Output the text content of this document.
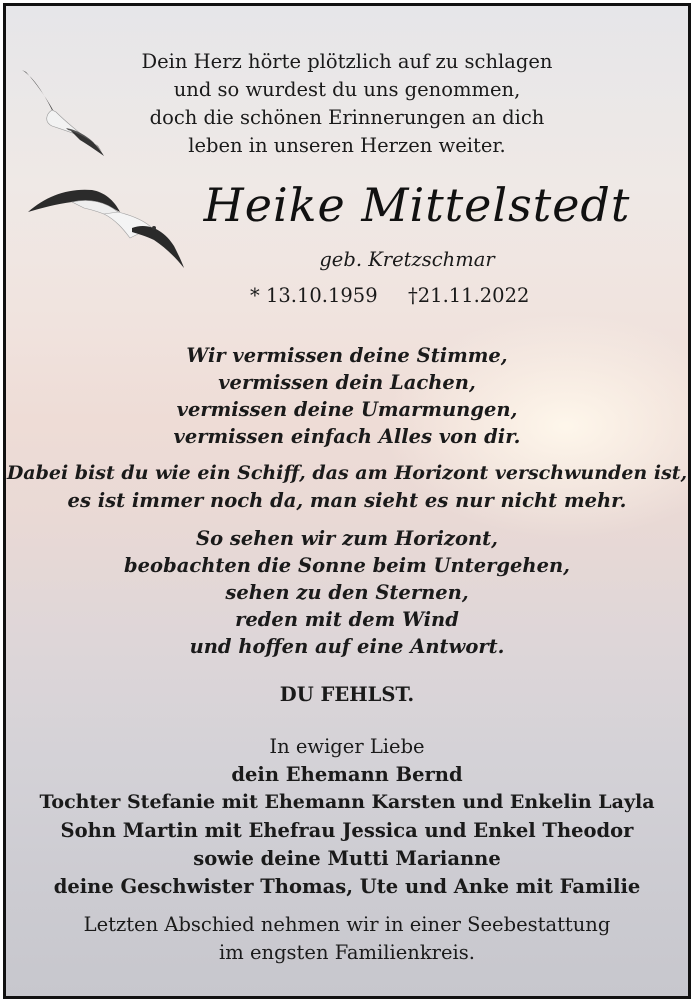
Dein Herz hörte plötzlich auf zu schlagen
und so wurdest du uns genommen,
doch die schönen Erinnerungen an dich
leben in unseren Herzen weiter.
Heike Mittelstedt
geb. Kretzschmar
* 13.10.1959 †21.11.2022
Wir vermissen deine Stimme,
vermissen dein Lachen,
vermissen deine Umarmungen,
vermissen einfach Alles von dir.
Dabei bist du wie ein Schiff, das am Horizont verschwunden ist,
es ist immer noch da, man sieht es nur nicht mehr.
So sehen wir zum Horizont,
beobachten die Sonne beim Untergehen,
sehen zu den Sternen,
reden mit dem Wind
und hoffen auf eine Antwort.
DU FEHLST.
In ewiger Liebe
dein Ehemann Bernd
Tochter Stefanie mit Ehemann Karsten und Enkelin Layla
Sohn Martin mit Ehefrau Jessica und Enkel Theodor
sowie deine Mutti Marianne
deine Geschwister Thomas, Ute und Anke mit Familie
Letzten Abschied nehmen wir in einer Seebestattung
im engsten Familienkreis.
